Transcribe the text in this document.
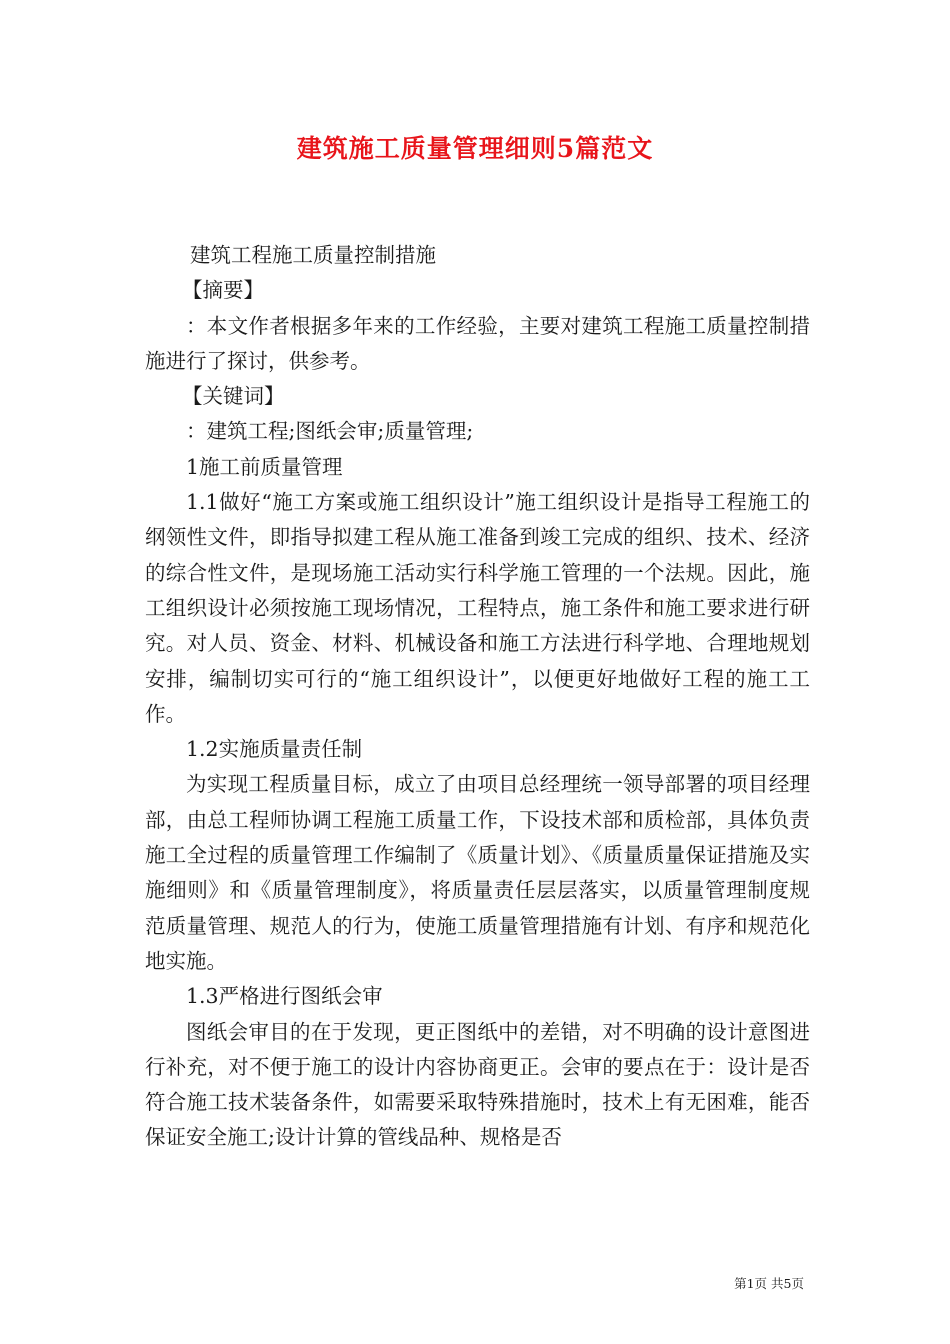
建筑施工质量管理细则5篇范文

建筑工程施工质量控制措施

【摘要】

：本文作者根据多年来的工作经验，主要对建筑工程施工质量控制措施进行了探讨，供参考。

【关键词】

：建筑工程;图纸会审;质量管理;

1施工前质量管理

1.1做好“施工方案或施工组织设计”施工组织设计是指导工程施工的纲领性文件，即指导拟建工程从施工准备到竣工完成的组织、技术、经济的综合性文件，是现场施工活动实行科学施工管理的一个法规。因此，施工组织设计必须按施工现场情况，工程特点，施工条件和施工要求进行研究。对人员、资金、材料、机械设备和施工方法进行科学地、合理地规划安排，编制切实可行的“施工组织设计”，以便更好地做好工程的施工工作。

1.2实施质量责任制

为实现工程质量目标，成立了由项目总经理统一领导部署的项目经理部，由总工程师协调工程施工质量工作，下设技术部和质检部，具体负责施工全过程的质量管理工作编制了《质量计划》、《质量质量保证措施及实施细则》和《质量管理制度》，将质量责任层层落实，以质量管理制度规范质量管理、规范人的行为，使施工质量管理措施有计划、有序和规范化地实施。

1.3严格进行图纸会审

图纸会审目的在于发现，更正图纸中的差错，对不明确的设计意图进行补充，对不便于施工的设计内容协商更正。会审的要点在于：设计是否符合施工技术装备条件，如需要采取特殊措施时，技术上有无困难，能否保证安全施工;设计计算的管线品种、规格是否

第1页 共5页
